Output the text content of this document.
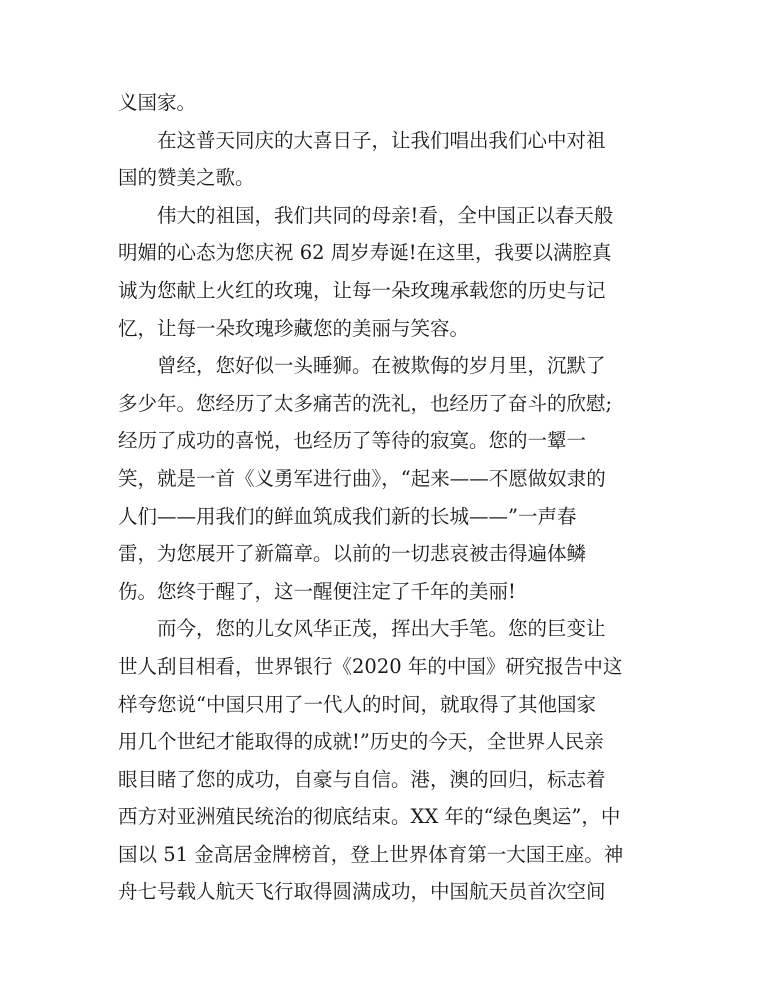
义国家。
在这普天同庆的大喜日子，让我们唱出我们心中对祖
国的赞美之歌。
伟大的祖国，我们共同的母亲!看，全中国正以春天般
明媚的心态为您庆祝 62 周岁寿诞!在这里，我要以满腔真
诚为您献上火红的玫瑰，让每一朵玫瑰承载您的历史与记
忆，让每一朵玫瑰珍藏您的美丽与笑容。
曾经，您好似一头睡狮。在被欺侮的岁月里，沉默了
多少年。您经历了太多痛苦的洗礼，也经历了奋斗的欣慰;
经历了成功的喜悦，也经历了等待的寂寞。您的一颦一
笑，就是一首《义勇军进行曲》，“起来——不愿做奴隶的
人们——用我们的鲜血筑成我们新的长城——”一声春
雷，为您展开了新篇章。以前的一切悲哀被击得遍体鳞
伤。您终于醒了，这一醒便注定了千年的美丽!
而今，您的儿女风华正茂，挥出大手笔。您的巨变让
世人刮目相看，世界银行《2020 年的中国》研究报告中这
样夸您说“中国只用了一代人的时间，就取得了其他国家
用几个世纪才能取得的成就!”历史的今天，全世界人民亲
眼目睹了您的成功，自豪与自信。港，澳的回归，标志着
西方对亚洲殖民统治的彻底结束。XX 年的“绿色奥运”，中
国以 51 金高居金牌榜首，登上世界体育第一大国王座。神
舟七号载人航天飞行取得圆满成功，中国航天员首次空间
